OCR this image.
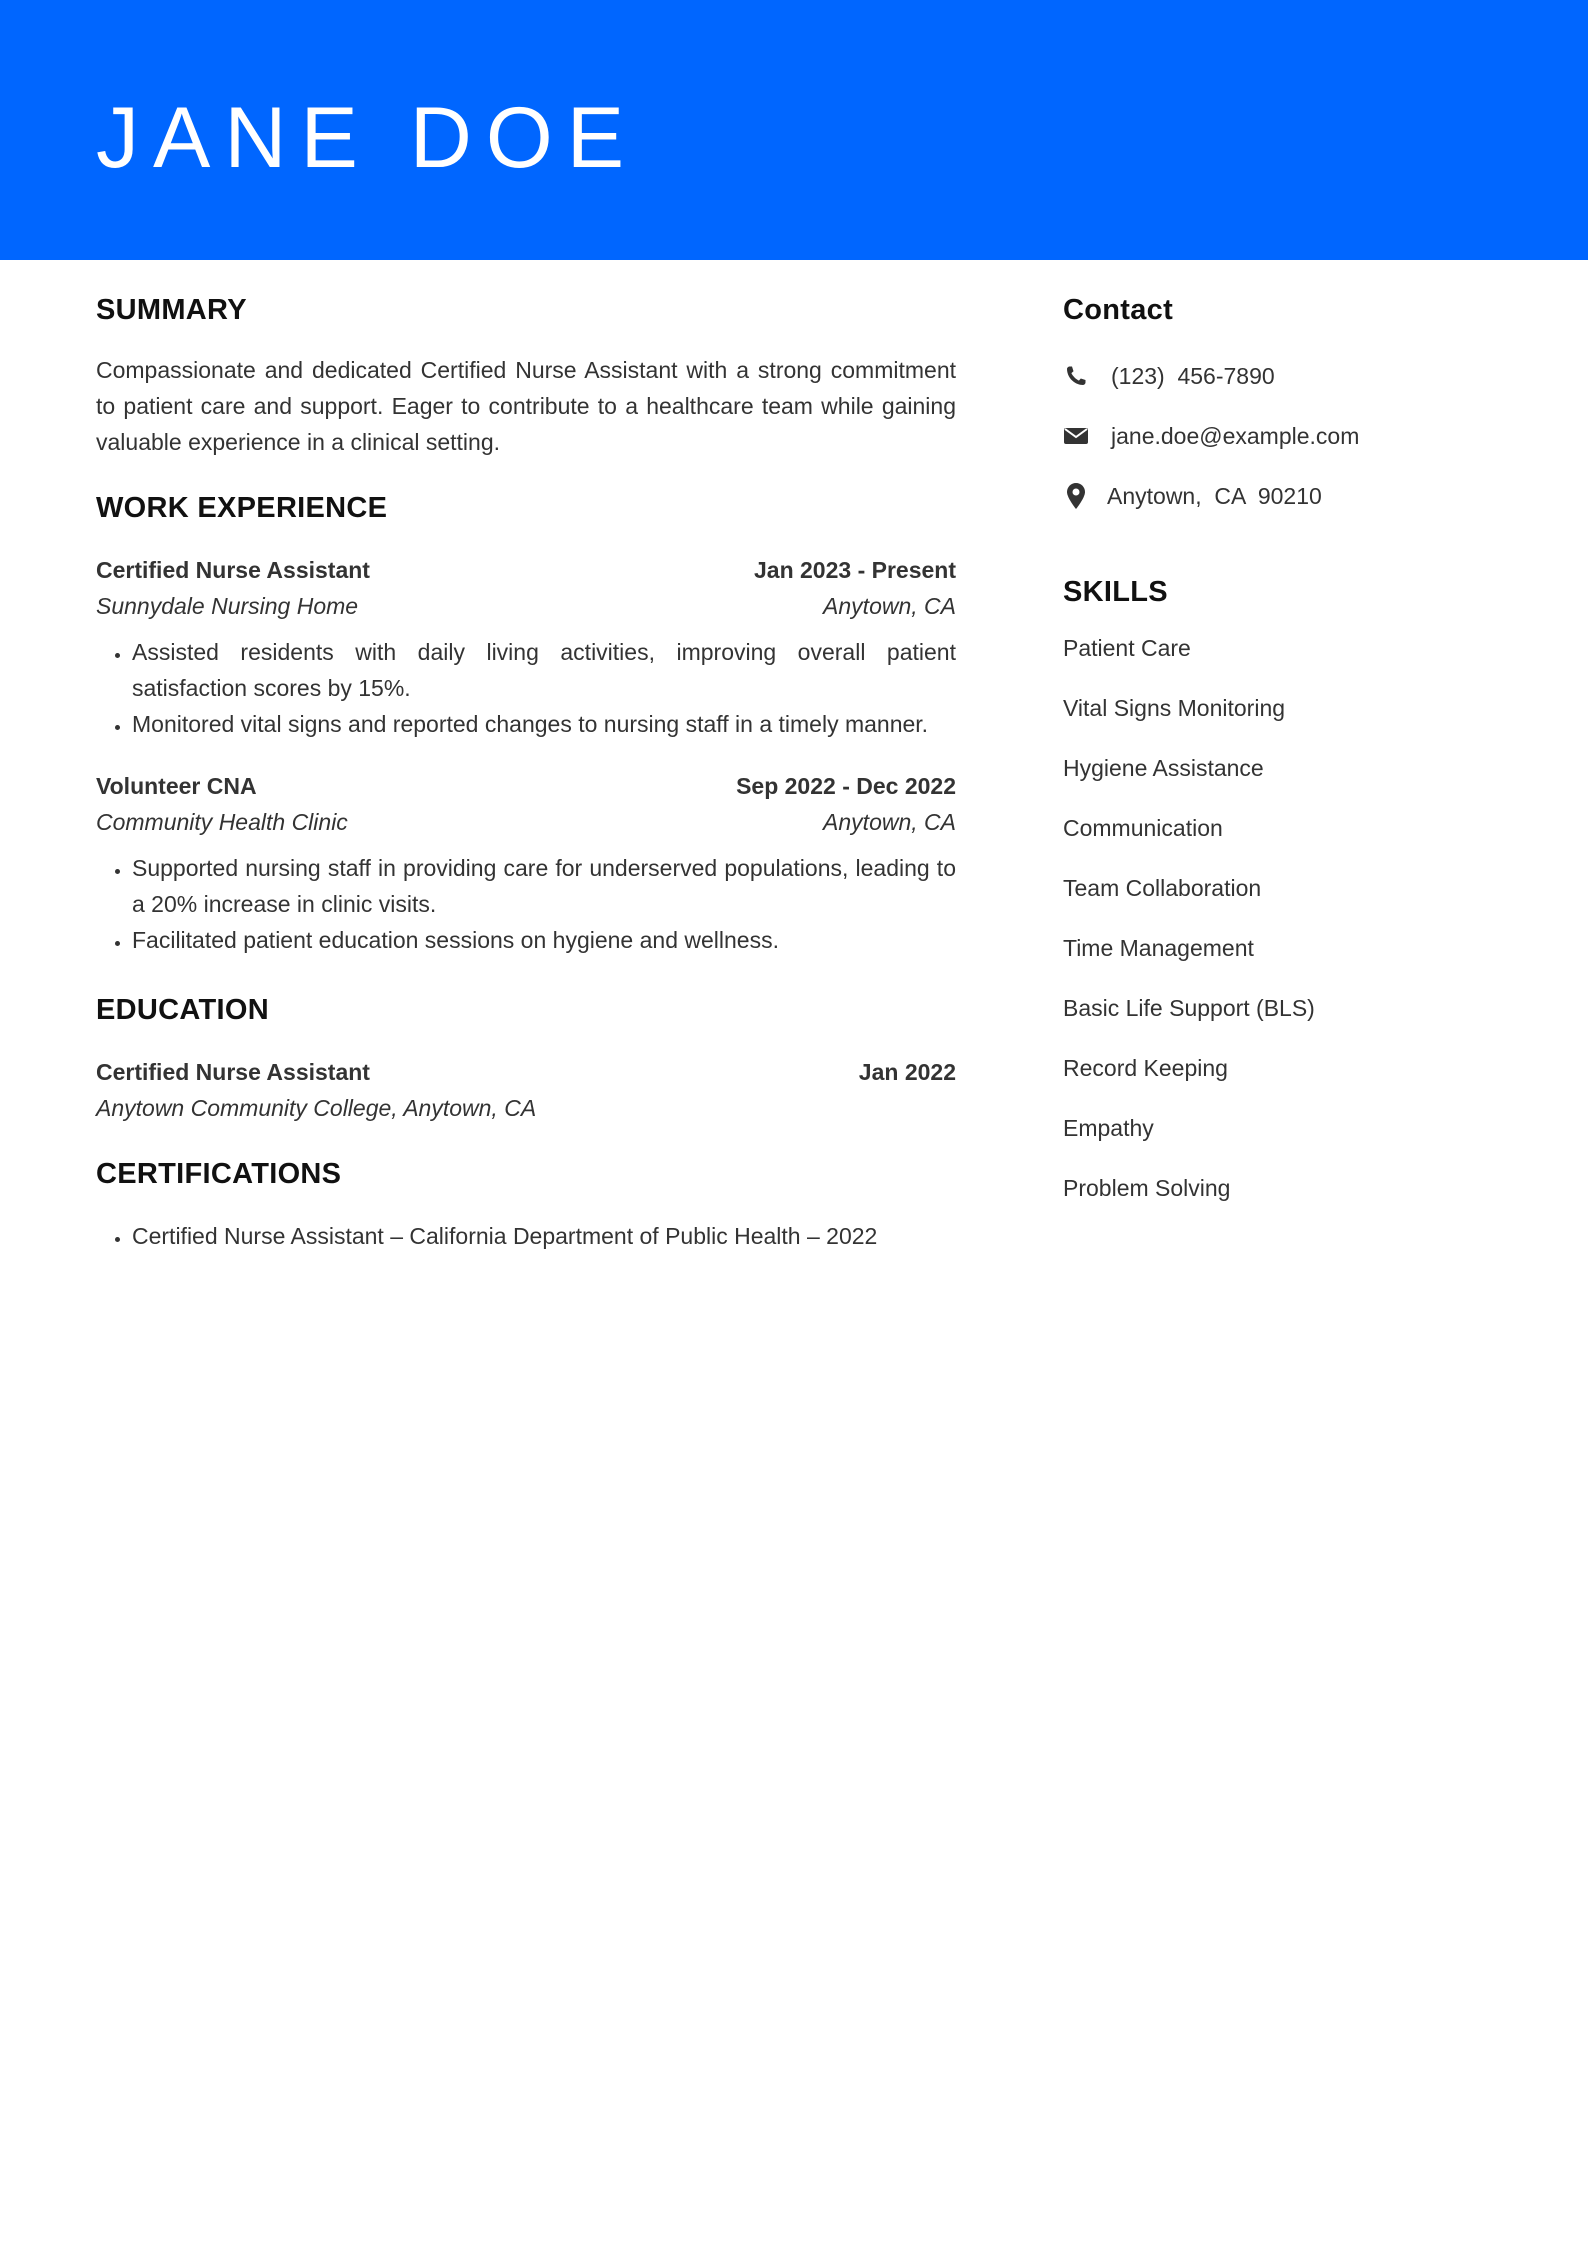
JANE DOE
SUMMARY

Compassionate and dedicated Certified Nurse Assistant with a strong commitment to patient care and support. Eager to contribute to a healthcare team while gaining valuable experience in a clinical setting.

WORK EXPERIENCE
Certified Nurse Assistant	Jan 2023 - Present
Sunnydale Nursing Home	Anytown, CA
• Assisted residents with daily living activities, improving overall patient satisfaction scores by 15%.
• Monitored vital signs and reported changes to nursing staff in a timely manner.
Volunteer CNA	Sep 2022 - Dec 2022
Community Health Clinic	Anytown, CA
• Supported nursing staff in providing care for underserved populations, leading to a 20% increase in clinic visits.
• Facilitated patient education sessions on hygiene and wellness.
EDUCATION
Certified Nurse Assistant	Jan 2022
Anytown Community College, Anytown, CA
CERTIFICATIONS
• Certified Nurse Assistant – California Department of Public Health – 2022
Contact
(123)  456-7890
jane.doe@example.com
Anytown,  CA  90210
SKILLS
Patient Care
Vital Signs Monitoring
Hygiene Assistance
Communication
Team Collaboration
Time Management
Basic Life Support (BLS)
Record Keeping
Empathy
Problem Solving
